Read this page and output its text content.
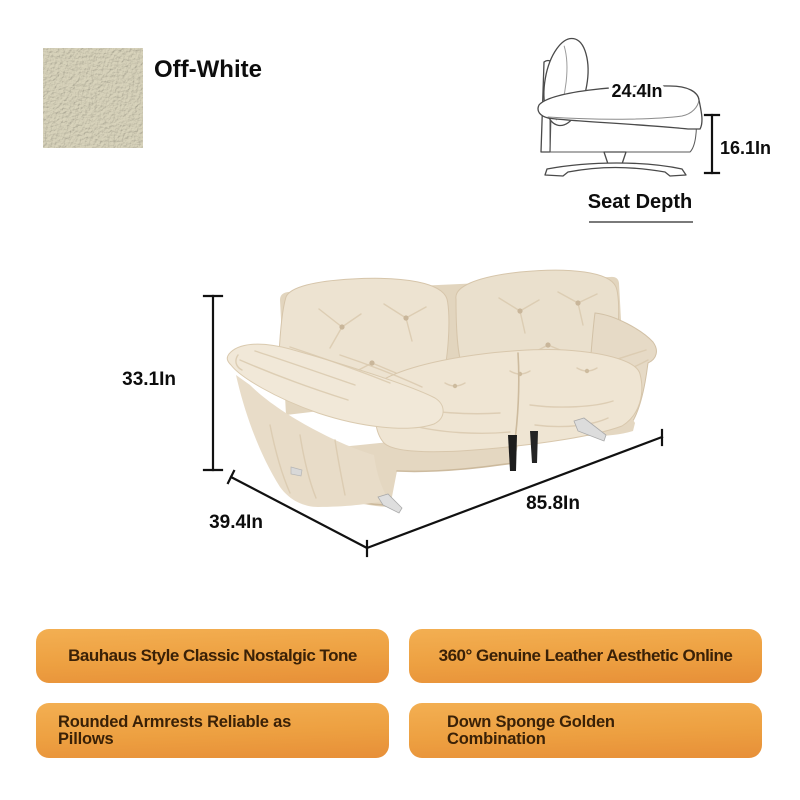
Off-White
24.4In
16.1In
Seat Depth
33.1In
39.4In
85.8In
Bauhaus Style Classic Nostalgic Tone	360° Genuine Leather Aesthetic Online
Rounded Armrests Reliable as
Pillows
Down Sponge Golden
Combination
